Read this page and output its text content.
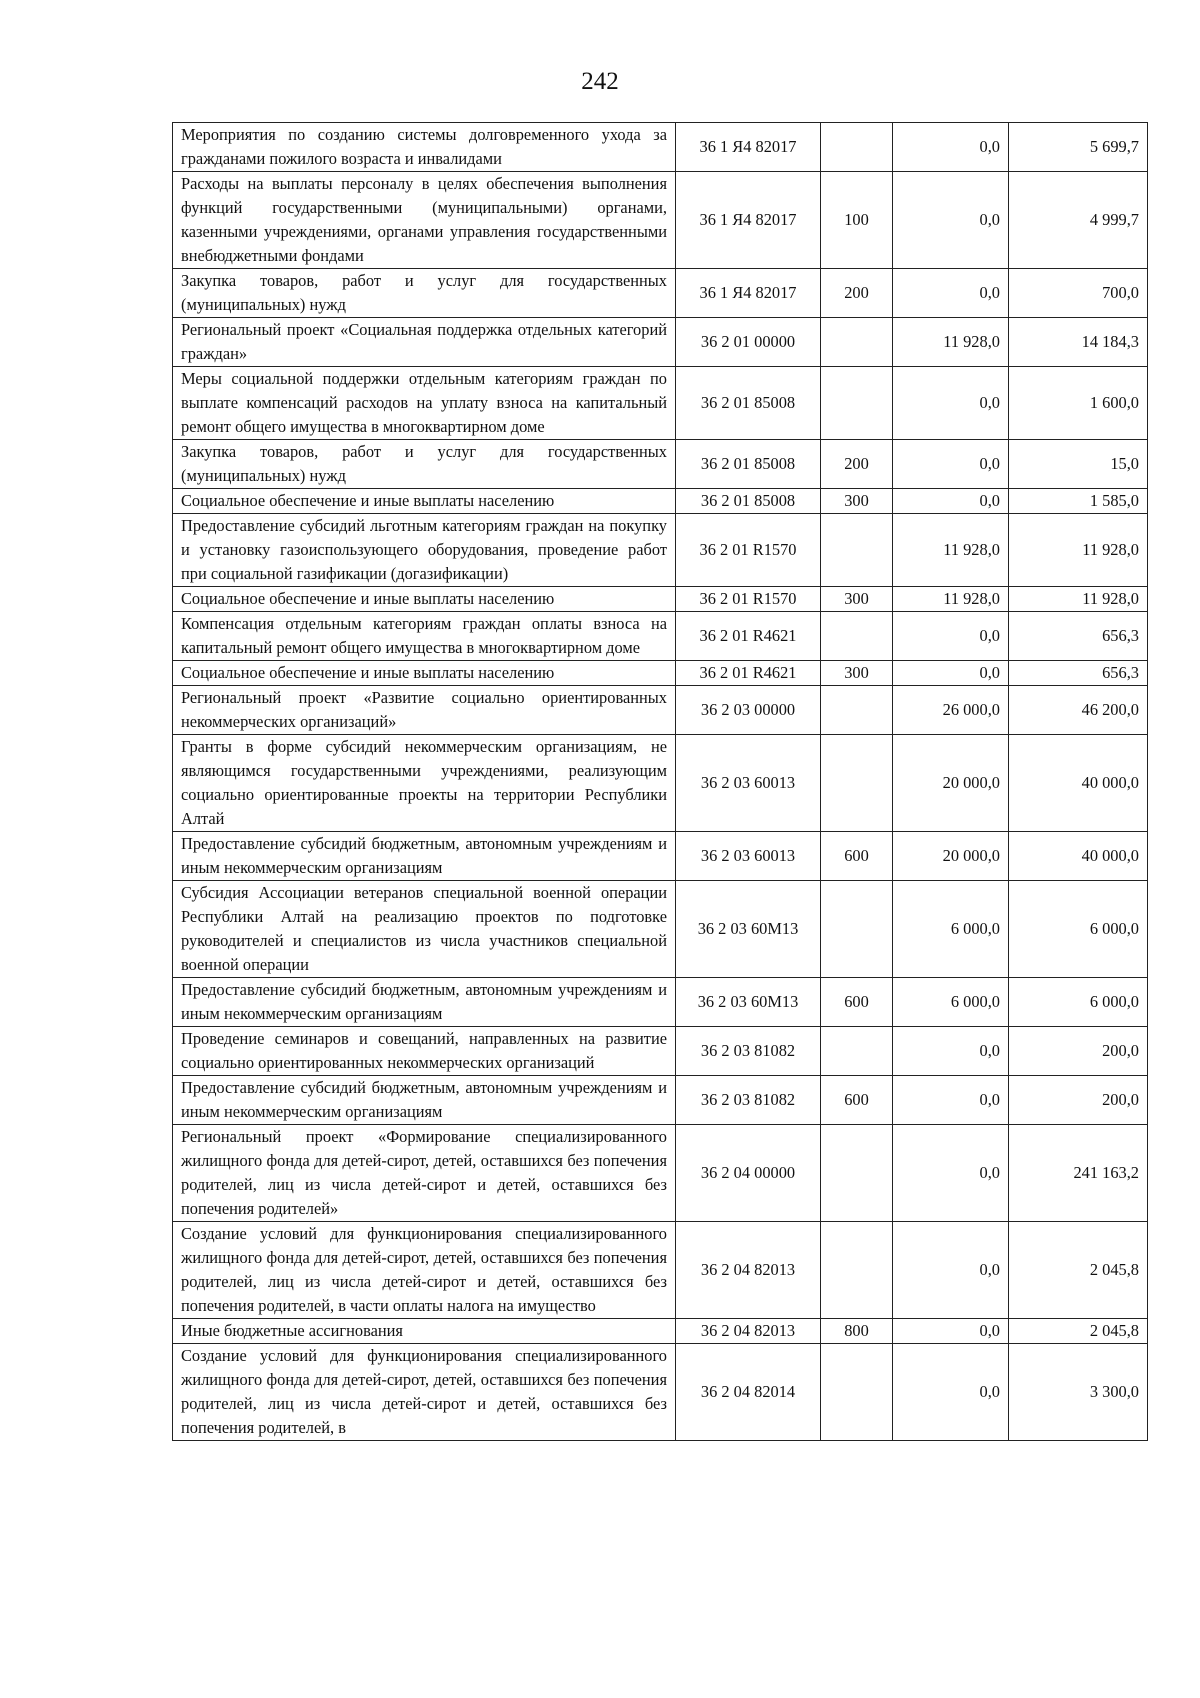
242
Мероприятия по созданию системы долговременного ухода за гражданами пожилого возраста и инвалидами	36 1 Я4 82017		0,0	5 699,7
Расходы на выплаты персоналу в целях обеспечения выполнения функций государственными (муниципальными) органами, казенными учреждениями, органами управления государственными внебюджетными фондами	36 1 Я4 82017	100	0,0	4 999,7
Закупка товаров, работ и услуг для государственных (муниципальных) нужд	36 1 Я4 82017	200	0,0	700,0
Региональный проект «Социальная поддержка отдельных категорий граждан»	36 2 01 00000		11 928,0	14 184,3
Меры социальной поддержки отдельным категориям граждан по выплате компенсаций расходов на уплату взноса на капитальный ремонт общего имущества в многоквартирном доме	36 2 01 85008		0,0	1 600,0
Закупка товаров, работ и услуг для государственных (муниципальных) нужд	36 2 01 85008	200	0,0	15,0
Социальное обеспечение и иные выплаты населению	36 2 01 85008	300	0,0	1 585,0
Предоставление субсидий льготным категориям граждан на покупку и установку газоиспользующего оборудования, проведение работ при социальной газификации (догазификации)	36 2 01 R1570		11 928,0	11 928,0
Социальное обеспечение и иные выплаты населению	36 2 01 R1570	300	11 928,0	11 928,0
Компенсация отдельным категориям граждан оплаты взноса на капитальный ремонт общего имущества в многоквартирном доме	36 2 01 R4621		0,0	656,3
Социальное обеспечение и иные выплаты населению	36 2 01 R4621	300	0,0	656,3
Региональный проект «Развитие социально ориентированных некоммерческих организаций»	36 2 03 00000		26 000,0	46 200,0
Гранты в форме субсидий некоммерческим организациям, не являющимся государственными учреждениями, реализующим социально ориентированные проекты на территории Республики Алтай	36 2 03 60013		20 000,0	40 000,0
Предоставление субсидий бюджетным, автономным учреждениям и иным некоммерческим организациям	36 2 03 60013	600	20 000,0	40 000,0
Субсидия Ассоциации ветеранов специальной военной операции Республики Алтай на реализацию проектов по подготовке руководителей и специалистов из числа участников специальной военной операции	36 2 03 60М13		6 000,0	6 000,0
Предоставление субсидий бюджетным, автономным учреждениям и иным некоммерческим организациям	36 2 03 60М13	600	6 000,0	6 000,0
Проведение семинаров и совещаний, направленных на развитие социально ориентированных некоммерческих организаций	36 2 03 81082		0,0	200,0
Предоставление субсидий бюджетным, автономным учреждениям и иным некоммерческим организациям	36 2 03 81082	600	0,0	200,0
Региональный проект «Формирование специализированного жилищного фонда для детей-сирот, детей, оставшихся без попечения родителей, лиц из числа детей-сирот и детей, оставшихся без попечения родителей»	36 2 04 00000		0,0	241 163,2
Создание условий для функционирования специализированного жилищного фонда для детей-сирот, детей, оставшихся без попечения родителей, лиц из числа детей-сирот и детей, оставшихся без попечения родителей, в части оплаты налога на имущество	36 2 04 82013		0,0	2 045,8
Иные бюджетные ассигнования	36 2 04 82013	800	0,0	2 045,8
Создание условий для функционирования специализированного жилищного фонда для детей-сирот, детей, оставшихся без попечения родителей, лиц из числа детей-сирот и детей, оставшихся без попечения родителей, в	36 2 04 82014		0,0	3 300,0
